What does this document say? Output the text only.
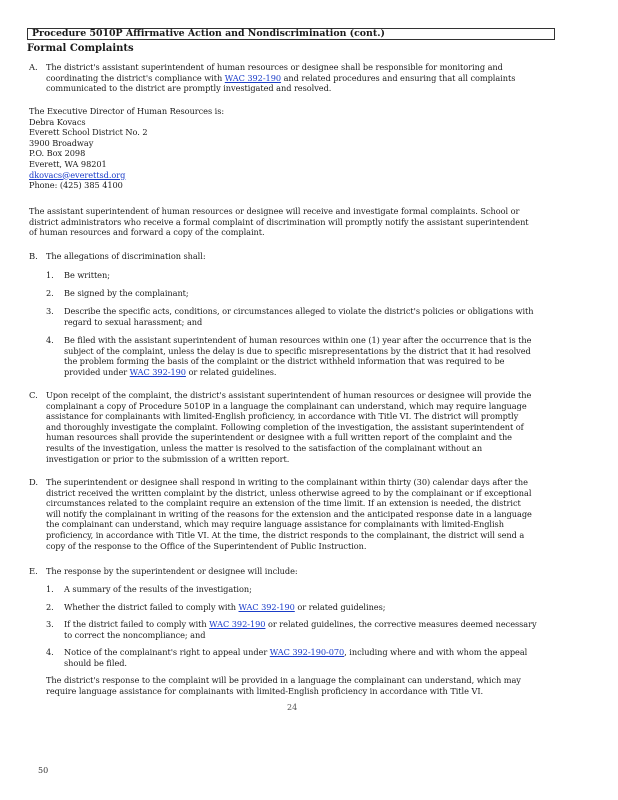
Procedure 5010P Affirmative Action and Nondiscrimination (cont.)
Formal Complaints
A. The district's assistant superintendent of human resources or designee shall be responsible for monitoring and
coordinating the district's compliance with WAC 392-190 and related procedures and ensuring that all complaints
communicated to the district are promptly investigated and resolved.
The Executive Director of Human Resources is:
Debra Kovacs
Everett School District No. 2
3900 Broadway
P.O. Box 2098
Everett, WA 98201
dkovacs@everettsd.org
Phone: (425) 385 4100
The assistant superintendent of human resources or designee will receive and investigate formal complaints. School or
district administrators who receive a formal complaint of discrimination will promptly notify the assistant superintendent
of human resources and forward a copy of the complaint.
B. The allegations of discrimination shall:
1. Be written;
2. Be signed by the complainant;
3. Describe the specific acts, conditions, or circumstances alleged to violate the district's policies or obligations with
regard to sexual harassment; and
4. Be filed with the assistant superintendent of human resources within one (1) year after the occurrence that is the
subject of the complaint, unless the delay is due to specific misrepresentations by the district that it had resolved
the problem forming the basis of the complaint or the district withheld information that was required to be
provided under WAC 392-190 or related guidelines.
C. Upon receipt of the complaint, the district's assistant superintendent of human resources or designee will provide the
complainant a copy of Procedure 5010P in a language the complainant can understand, which may require language
assistance for complainants with limited-English proficiency, in accordance with Title VI. The district will promptly
and thoroughly investigate the complaint. Following completion of the investigation, the assistant superintendent of
human resources shall provide the superintendent or designee with a full written report of the complaint and the
results of the investigation, unless the matter is resolved to the satisfaction of the complainant without an
investigation or prior to the submission of a written report.
D. The superintendent or designee shall respond in writing to the complainant within thirty (30) calendar days after the
district received the written complaint by the district, unless otherwise agreed to by the complainant or if exceptional
circumstances related to the complaint require an extension of the time limit. If an extension is needed, the district
will notify the complainant in writing of the reasons for the extension and the anticipated response date in a language
the complainant can understand, which may require language assistance for complainants with limited-English
proficiency, in accordance with Title VI. At the time, the district responds to the complainant, the district will send a
copy of the response to the Office of the Superintendent of Public Instruction.
E. The response by the superintendent or designee will include:
1. A summary of the results of the investigation;
2. Whether the district failed to comply with WAC 392-190 or related guidelines;
3. If the district failed to comply with WAC 392-190 or related guidelines, the corrective measures deemed necessary
to correct the noncompliance; and
4. Notice of the complainant's right to appeal under WAC 392-190-070, including where and with whom the appeal
should be filed.
The district's response to the complaint will be provided in a language the complainant can understand, which may
require language assistance for complainants with limited-English proficiency in accordance with Title VI.
24
50
